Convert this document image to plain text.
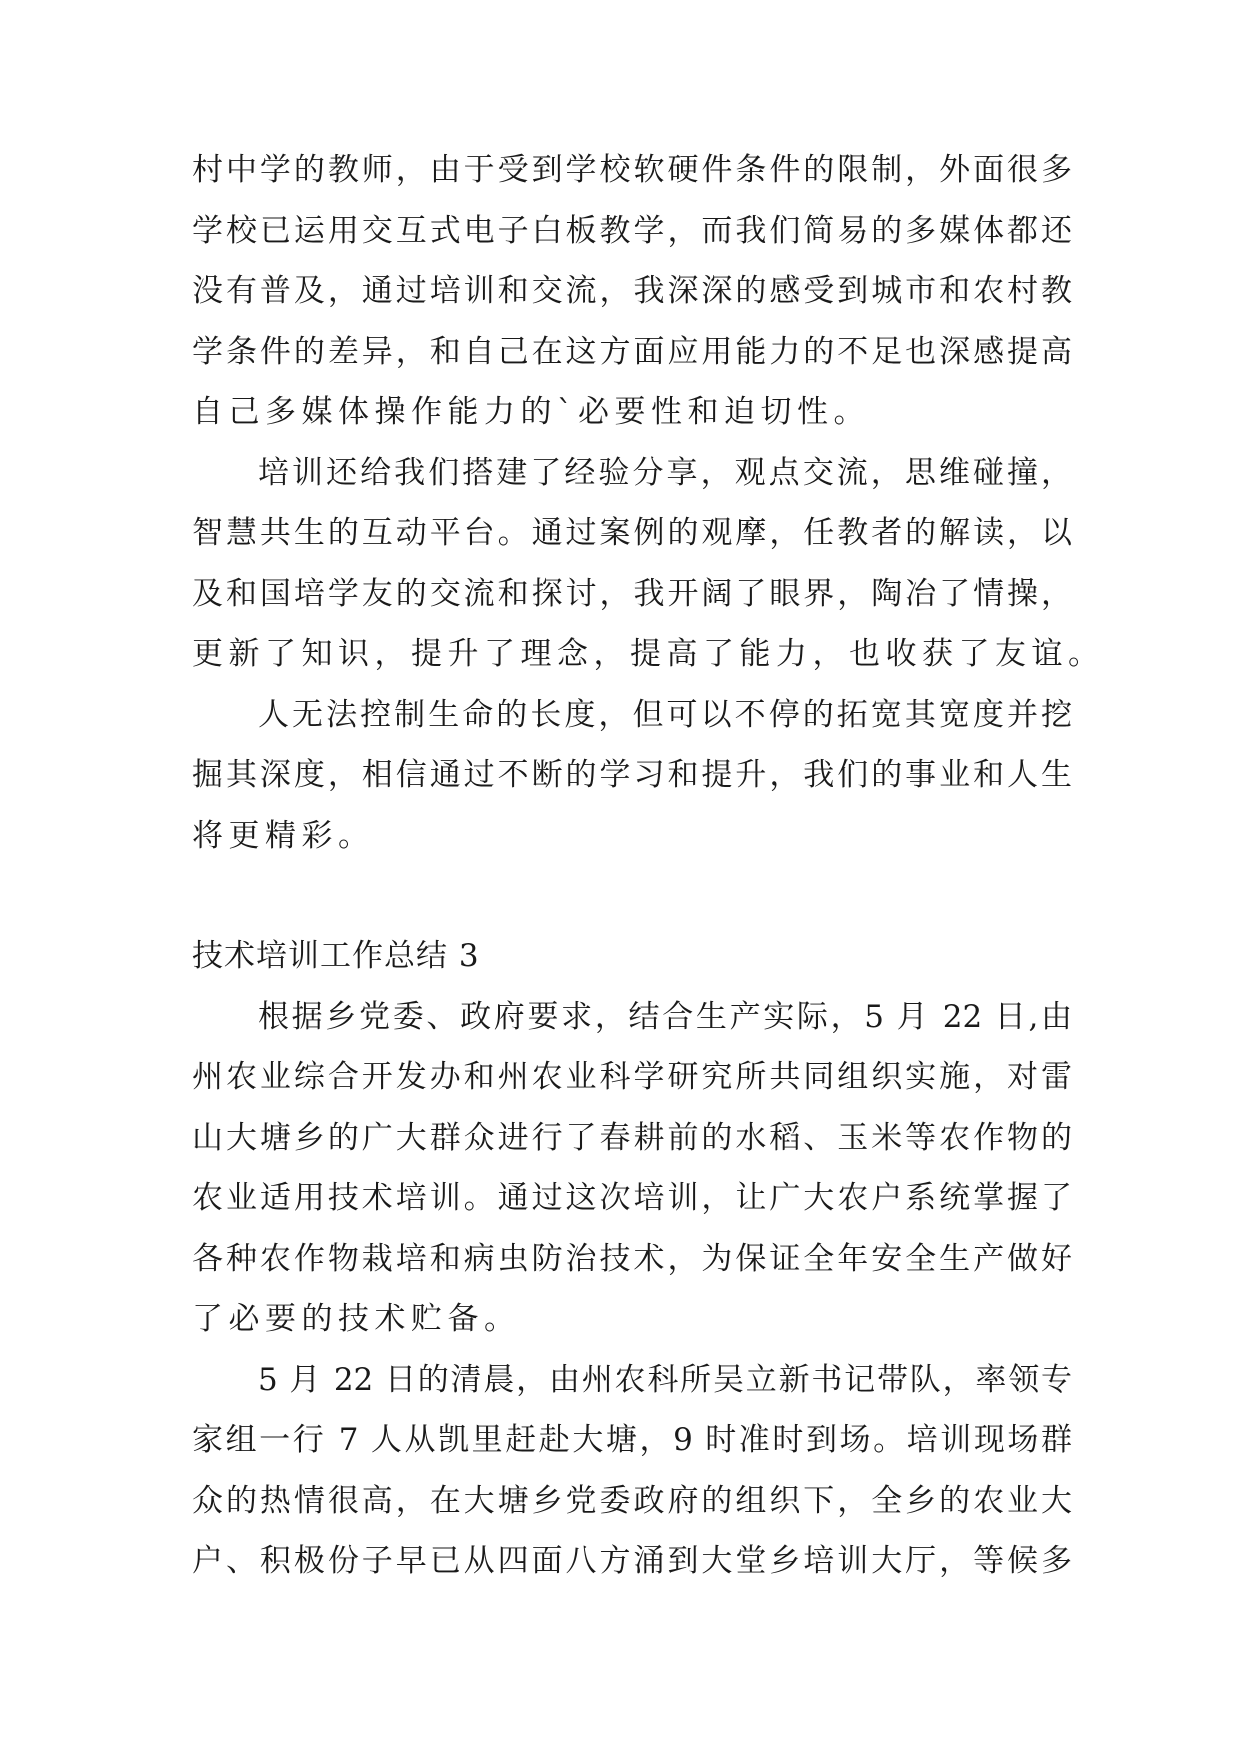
村中学的教师，由于受到学校软硬件条件的限制，外面很多
学校已运用交互式电子白板教学，而我们简易的多媒体都还
没有普及，通过培训和交流，我深深的感受到城市和农村教
学条件的差异，和自己在这方面应用能力的不足也深感提高
自己多媒体操作能力的`必要性和迫切性。
培训还给我们搭建了经验分享，观点交流，思维碰撞，
智慧共生的互动平台。通过案例的观摩，任教者的解读，以
及和国培学友的交流和探讨，我开阔了眼界，陶冶了情操，
更新了知识，提升了理念，提高了能力，也收获了友谊。
人无法控制生命的长度，但可以不停的拓宽其宽度并挖
掘其深度，相信通过不断的学习和提升，我们的事业和人生
将更精彩。
技术培训工作总结 3
根据乡党委、政府要求，结合生产实际，5 月 22 日,由
州农业综合开发办和州农业科学研究所共同组织实施，对雷
山大塘乡的广大群众进行了春耕前的水稻、玉米等农作物的
农业适用技术培训。通过这次培训，让广大农户系统掌握了
各种农作物栽培和病虫防治技术，为保证全年安全生产做好
了必要的技术贮备。
5 月 22 日的清晨，由州农科所吴立新书记带队，率领专
家组一行 7 人从凯里赶赴大塘，9 时准时到场。培训现场群
众的热情很高，在大塘乡党委政府的组织下，全乡的农业大
户、积极份子早已从四面八方涌到大堂乡培训大厅，等候多
